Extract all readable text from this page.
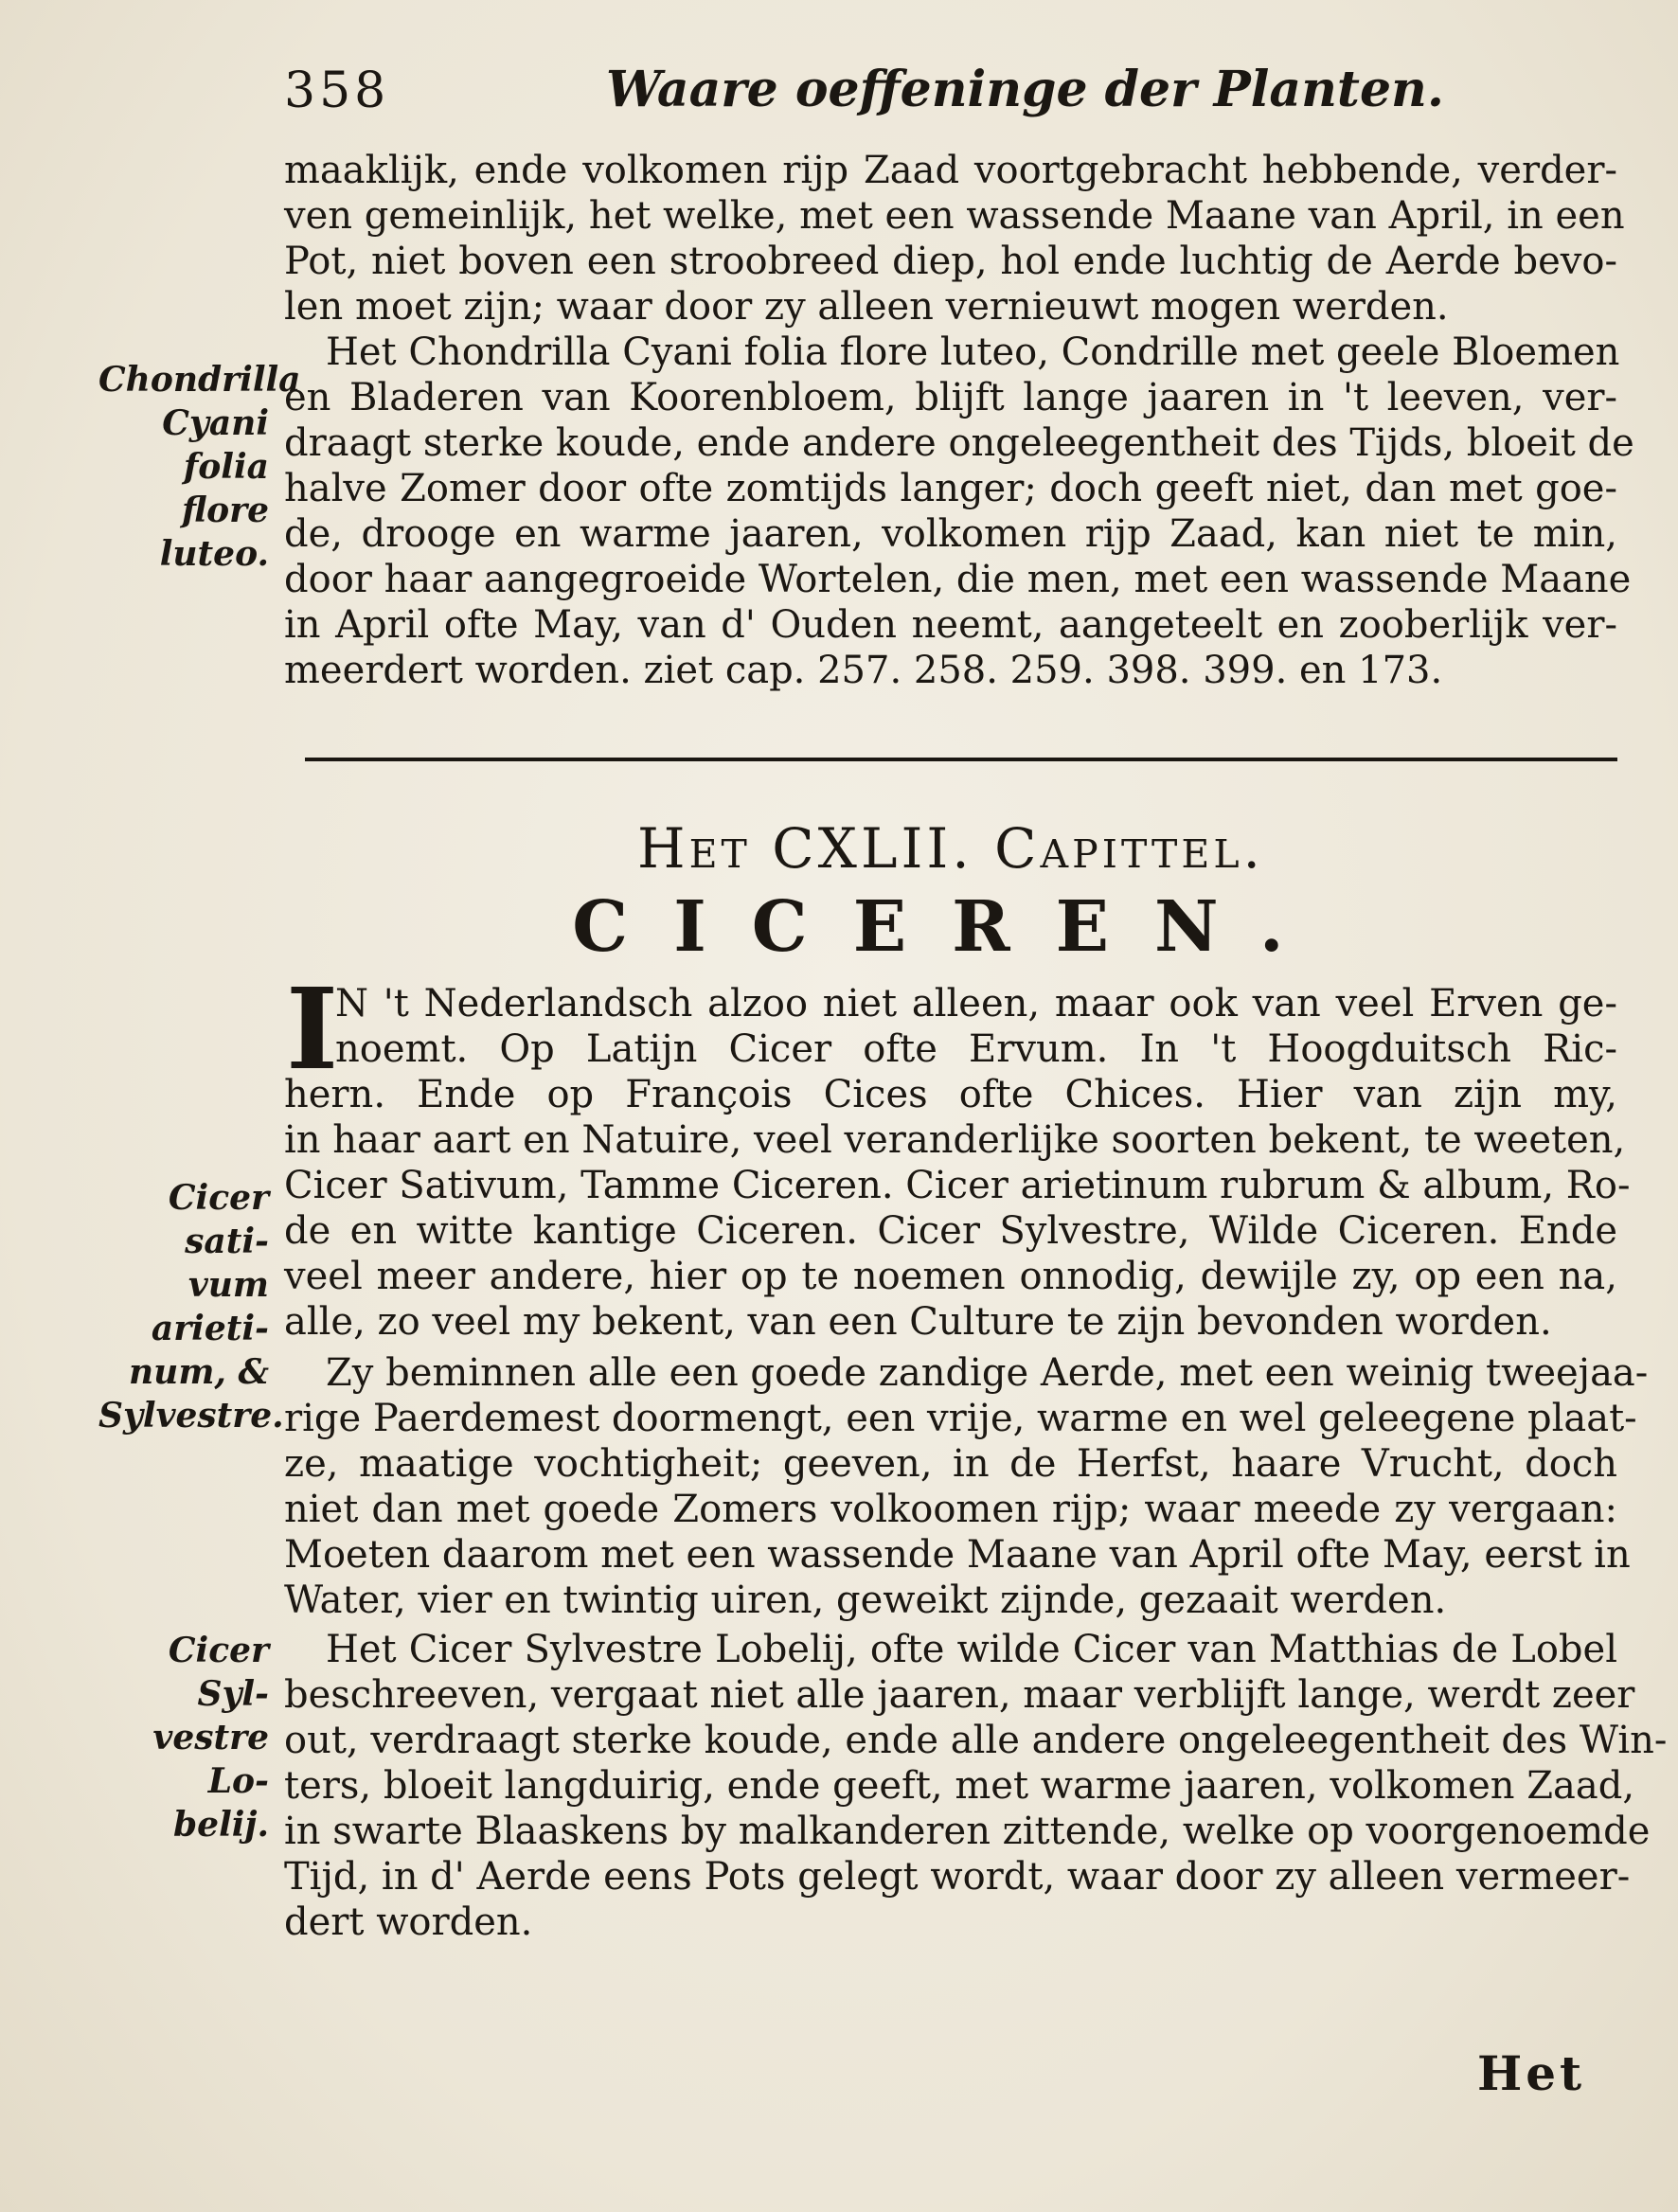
358	Waare oeffeninge der Planten.
maaklijk, ende volkomen rijp Zaad voortgebracht hebbende, verder-
ven gemeinlijk, het welke, met een wassende Maane van April, in een
Pot, niet boven een stroobreed diep, hol ende luchtig de Aerde bevo-
len moet zijn; waar door zy alleen vernieuwt mogen werden.
Het Chondrilla Cyani folia flore luteo, Condrille met geele Bloemen
en Bladeren van Koorenbloem, blijft lange jaaren in 't leeven, ver-
draagt sterke koude, ende andere ongeleegentheit des Tijds, bloeit de
halve Zomer door ofte zomtijds langer; doch geeft niet, dan met goe-
de, drooge en warme jaaren, volkomen rijp Zaad, kan niet te min,
door haar aangegroeide Wortelen, die men, met een wassende Maane
in April ofte May, van d' Ouden neemt, aangeteelt en zooberlijk ver-
meerdert worden. ziet cap. 257. 258. 259. 398. 399. en 173.
Chondrilla
Cyani folia
flore luteo.
Het CXLII. Capittel.
CICEREN.
I
N 't Nederlandsch alzoo niet alleen, maar ook van veel Erven ge-
noemt. Op Latijn Cicer ofte Ervum. In 't Hoogduitsch Ric-
hern. Ende op François Cices ofte Chices. Hier van zijn my,
in haar aart en Natuire, veel veranderlijke soorten bekent, te weeten,
Cicer Sativum, Tamme Ciceren. Cicer arietinum rubrum & album, Ro-
de en witte kantige Ciceren. Cicer Sylvestre, Wilde Ciceren. Ende
veel meer andere, hier op te noemen onnodig, dewijle zy, op een na,
alle, zo veel my bekent, van een Culture te zijn bevonden worden.
Cicer sati-
vum arieti-
num, &
Sylvestre.
Zy beminnen alle een goede zandige Aerde, met een weinig tweejaa-
rige Paerdemest doormengt, een vrije, warme en wel geleegene plaat-
ze, maatige vochtigheit; geeven, in de Herfst, haare Vrucht, doch
niet dan met goede Zomers volkoomen rijp; waar meede zy vergaan:
Moeten daarom met een wassende Maane van April ofte May, eerst in
Water, vier en twintig uiren, geweikt zijnde, gezaait werden.
Het Cicer Sylvestre Lobelij, ofte wilde Cicer van Matthias de Lobel
beschreeven, vergaat niet alle jaaren, maar verblijft lange, werdt zeer
out, verdraagt sterke koude, ende alle andere ongeleegentheit des Win-
ters, bloeit langduirig, ende geeft, met warme jaaren, volkomen Zaad,
in swarte Blaaskens by malkanderen zittende, welke op voorgenoemde
Tijd, in d' Aerde eens Pots gelegt wordt, waar door zy alleen vermeer-
dert worden.
Cicer Syl-
vestre Lo-
belij.
Het
